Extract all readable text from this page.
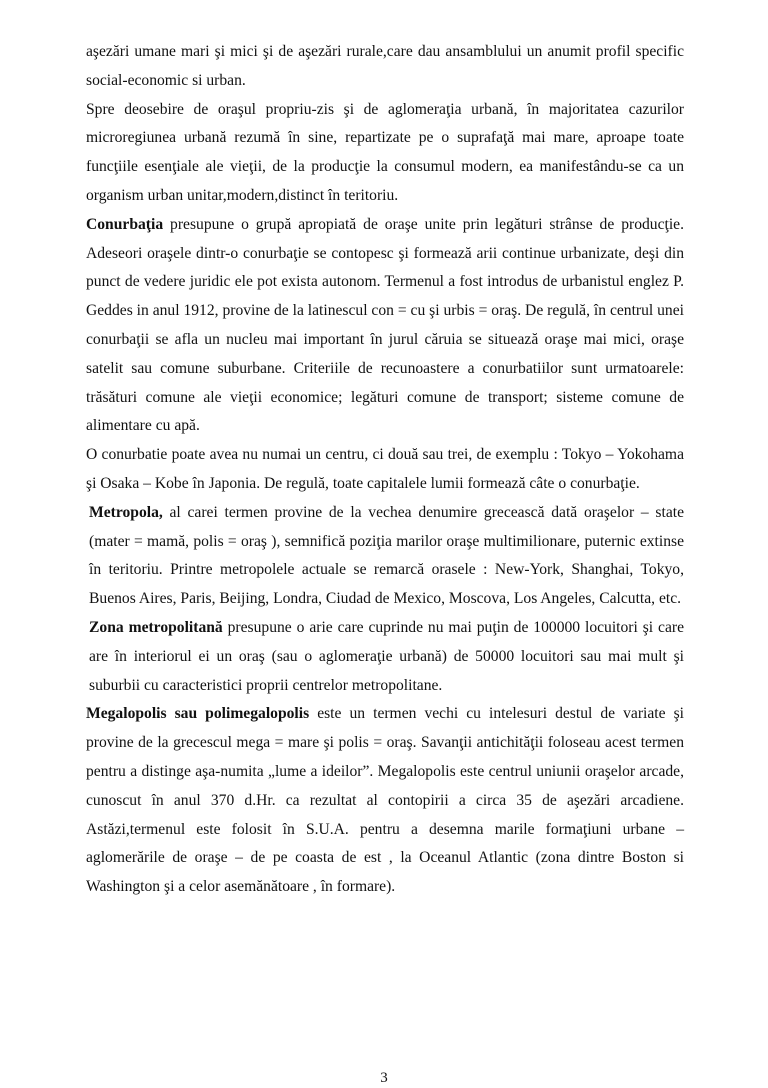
aşezări umane mari şi mici şi de aşezări rurale,care dau ansamblului un anumit profil specific social-economic si urban.

Spre deosebire de oraşul propriu-zis şi de aglomeraţia urbană, în majoritatea cazurilor microregiunea urbană rezumă în sine, repartizate pe o suprafaţă mai mare, aproape toate funcţiile esenţiale ale vieţii, de la producţie la consumul modern, ea manifestându-se ca un organism urban unitar,modern,distinct în teritoriu.

Conurbaţia presupune o grupă apropiată de oraşe unite prin legături strânse de producţie. Adeseori oraşele dintr-o conurbaţie se contopesc şi formează arii continue urbanizate, deşi din punct de vedere juridic ele pot exista autonom. Termenul a fost introdus de urbanistul englez P. Geddes in anul 1912, provine de la latinescul con = cu şi urbis = oraş. De regulă, în centrul unei conurbaţii se afla un nucleu mai important în jurul căruia se situează oraşe mai mici, oraşe satelit sau comune suburbane. Criteriile de recunoastere a conurbatiilor sunt urmatoarele: trăsături comune ale vieţii economice; legături comune de transport; sisteme comune de alimentare cu apă.

O conurbatie poate avea nu numai un centru, ci două sau trei, de exemplu : Tokyo – Yokohama şi Osaka – Kobe în Japonia. De regulă, toate capitalele lumii formează câte o conurbaţie.

Metropola, al carei termen provine de la vechea denumire grecească dată oraşelor – state (mater = mamă, polis = oraş ), semnifică poziţia marilor oraşe multimilionare, puternic extinse în teritoriu. Printre metropolele actuale se remarcă orasele : New-York, Shanghai, Tokyo, Buenos Aires, Paris, Beijing, Londra, Ciudad de Mexico, Moscova, Los Angeles, Calcutta, etc.

Zona metropolitană presupune o arie care cuprinde nu mai puţin de 100000 locuitori şi care are în interiorul ei un oraş (sau o aglomeraţie urbană) de 50000 locuitori sau mai mult şi suburbii cu caracteristici proprii centrelor metropolitane.

Megalopolis sau polimegalopolis este un termen vechi cu intelesuri destul de variate şi provine de la grecescul mega = mare şi polis = oraş. Savanţii antichităţii foloseau acest termen pentru a distinge aşa-numita „lume a ideilor”. Megalopolis este centrul uniunii oraşelor arcade, cunoscut în anul 370 d.Hr. ca rezultat al contopirii a circa 35 de aşezări arcadiene. Astăzi,termenul este folosit în S.U.A. pentru a desemna marile formaţiuni urbane – aglomerările de oraşe – de pe coasta de est , la Oceanul Atlantic (zona dintre Boston si Washington şi a celor asemănătoare , în formare).

3
